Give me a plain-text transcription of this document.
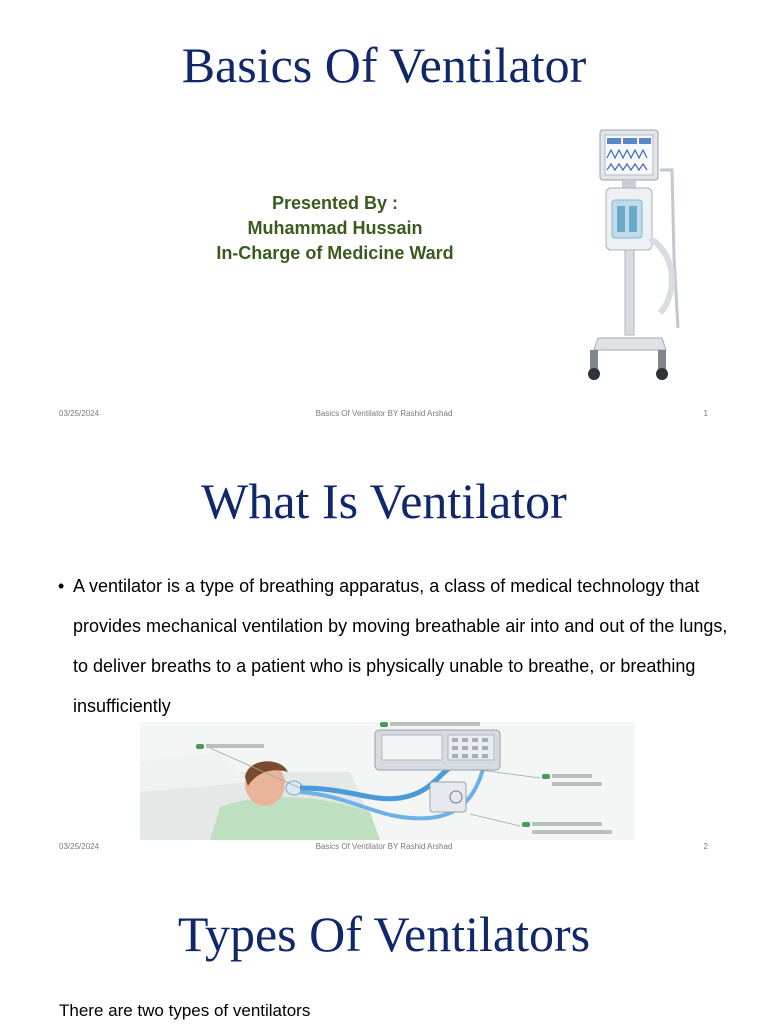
Basics Of Ventilator
Presented By :
Muhammad Hussain
In-Charge of Medicine Ward
03/25/2024	Basics Of Ventilator BY Rashid Arshad	1
What Is Ventilator
• A ventilator is a type of breathing apparatus, a class of medical technology that provides mechanical ventilation by moving breathable air into and out of the lungs, to deliver breaths to a patient who is physically unable to breathe, or breathing insufficiently
03/25/2024	Basics Of Ventilator BY Rashid Arshad	2
Types Of Ventilators
There are two types of ventilators
